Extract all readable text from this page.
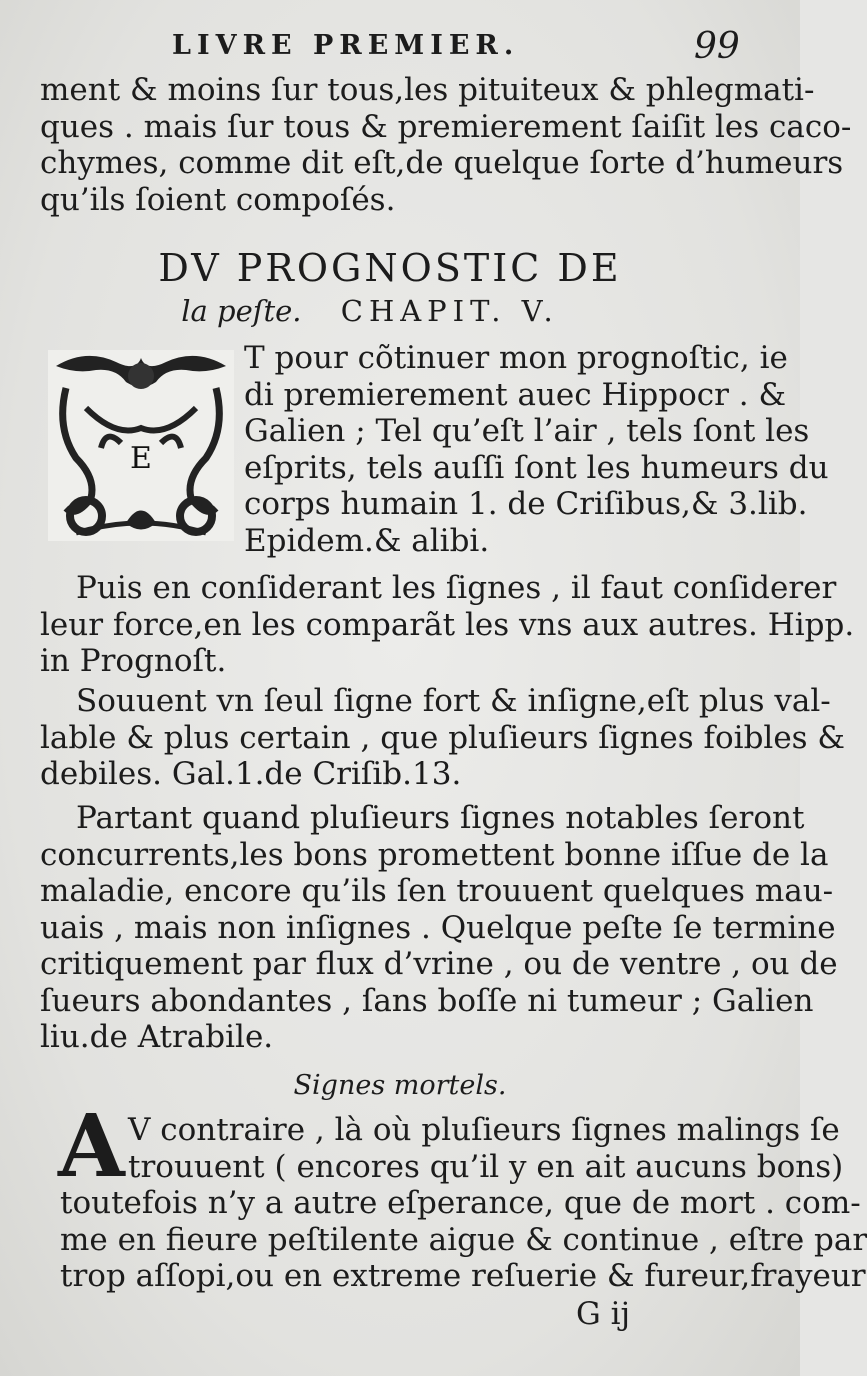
LIVRE PREMIER.	99
ment & moins ſur tous,les pituiteux & phlegmati-
ques . mais ſur tous & premierement ſaiſit les caco-
chymes, comme dit eſt,de quelque ſorte d’humeurs
qu’ils ſoient compoſés.
DV PROGNOSTIC DE
la peſte. CHAPIT. V.
E
T pour cõtinuer mon prognoſtic, ie
di premierement auec Hippocr . &
Galien ; Tel qu’eſt l’air , tels ſont les
eſprits, tels auſſi ſont les humeurs du
corps humain 1. de Criſibus,& 3.lib.
Epidem.& alibi.
Puis en conſiderant les ſignes , il faut conſiderer
leur force,en les comparãt les vns aux autres. Hipp.
in Prognoſt.
Souuent vn ſeul ſigne fort & inſigne,eſt plus val-
lable & plus certain , que pluſieurs ſignes foibles &
debiles. Gal.1.de Criſib.13.
Partant quand pluſieurs ſignes notables ſeront
concurrents,les bons promettent bonne iſſue de la
maladie, encore qu’ils ſen trouuent quelques mau-
uais , mais non inſignes . Quelque peſte ſe termine
critiquement par flux d’vrine , ou de ventre , ou de
ſueurs abondantes , ſans boſſe ni tumeur ; Galien
liu.de Atrabile.
Signes mortels.
A V contraire , là où pluſieurs ſignes malings ſe
trouuent ( encores qu’il y en ait aucuns bons)
toutefois n’y a autre eſperance, que de mort . com-
me en fieure peſtilente aigue & continue , eſtre par
trop aſſopi,ou en extreme reſuerie & fureur,frayeur
G ij
